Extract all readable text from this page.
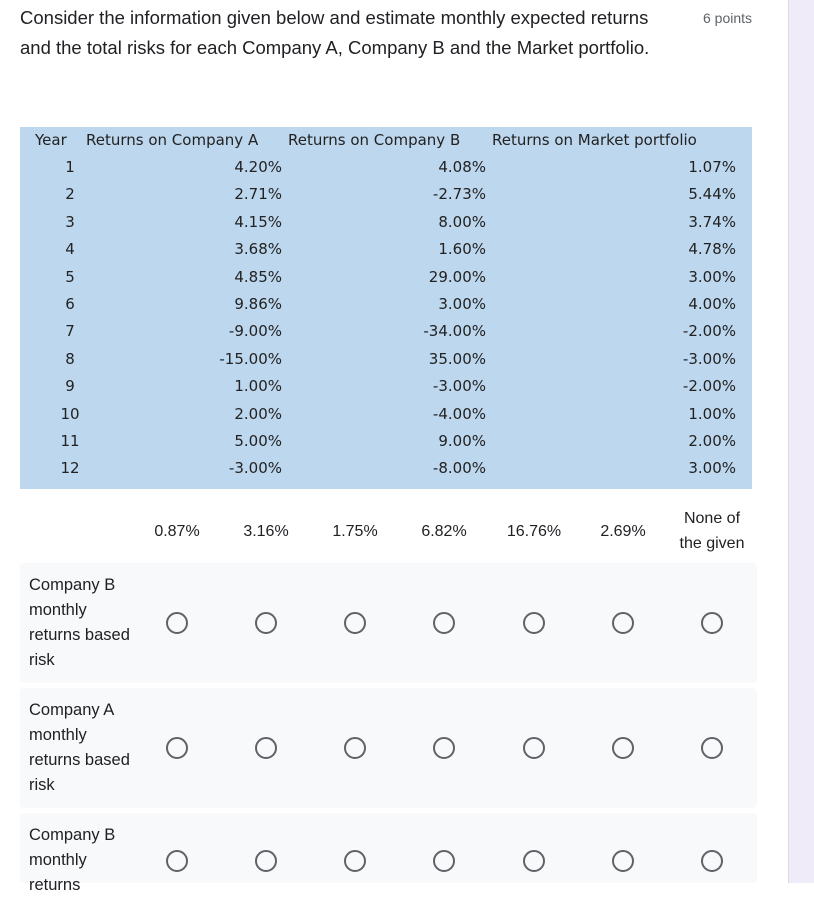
Consider the information given below and estimate monthly expected returns and the total risks for each Company A, Company B and the Market portfolio.
6 points
Year Returns on Company A Returns on Company B Returns on Market portfolio
1	4.20%	4.08%	1.07%
2	2.71%	-2.73%	5.44%
3	4.15%	8.00%	3.74%
4	3.68%	1.60%	4.78%
5	4.85%	29.00%	3.00%
6	9.86%	3.00%	4.00%
7	-9.00%	-34.00%	-2.00%
8	-15.00%	35.00%	-3.00%
9	1.00%	-3.00%	-2.00%
10	2.00%	-4.00%	1.00%
11	5.00%	9.00%	2.00%
12	-3.00%	-8.00%	3.00%
0.87%	3.16%	1.75%	6.82%	16.76%	2.69%
None of the given
Company B monthly returns based risk
Company A monthly returns based risk
Company B monthly returns
